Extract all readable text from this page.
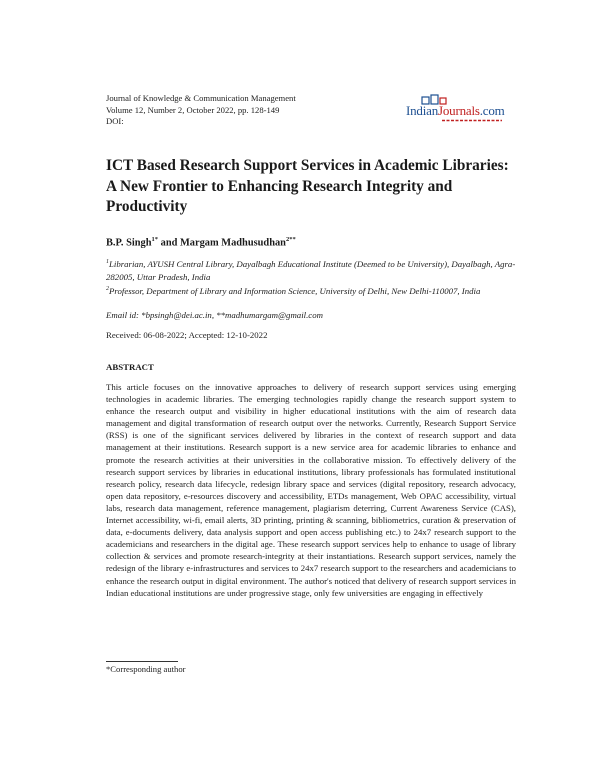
Journal of Knowledge & Communication Management
Volume 12, Number 2, October 2022, pp. 128-149
DOI:
IndianJournals.com
ICT Based Research Support Services in Academic Libraries: A New Frontier to Enhancing Research Integrity and Productivity
B.P. Singh$^{1*}$ and Margam Madhusudhan$^{2**}$
$^1$Librarian, AYUSH Central Library, Dayalbagh Educational Institute (Deemed to be University), Dayalbagh, Agra- 282005, Uttar Pradesh, India
$^2$Professor, Department of Library and Information Science, University of Delhi, New Delhi-110007, India
Email id: *bpsingh@dei.ac.in, **madhumargam@gmail.com
Received: 06-08-2022; Accepted: 12-10-2022
ABSTRACT

This article focuses on the innovative approaches to delivery of research support services using emerging technologies in academic libraries. The emerging technologies rapidly change the research support system to enhance the research output and visibility in higher educational institutions with the aim of research data management and digital transformation of research output over the networks. Currently, Research Support Service (RSS) is one of the significant services delivered by libraries in the context of research support and data management at their institutions. Research support is a new service area for academic libraries to enhance and promote the research activities at their universities in the collaborative mission. To effectively delivery of the research support services by libraries in educational institutions, library professionals has formulated institutional research policy, research data lifecycle, redesign library space and services (digital repository, research advocacy, open data repository, e-resources discovery and accessibility, ETDs management, Web OPAC accessibility, virtual labs, research data management, reference management, plagiarism deterring, Current Awareness Service (CAS), Internet accessibility, wi-fi, email alerts, 3D printing, printing & scanning, bibliometrics, curation & preservation of data, e-documents delivery, data analysis support and open access publishing etc.) to 24x7 research support to the academicians and researchers in the digital age. These research support services help to enhance to usage of library collection & services and promote research-integrity at their instantiations. Research support services, namely the redesign of the library e-infrastructures and services to 24x7 research support to the researchers and academicians to enhance the research output in digital environment. The author's noticed that delivery of research support services in Indian educational institutions are under progressive stage, only few universities are engaging in effectively

*Corresponding author
